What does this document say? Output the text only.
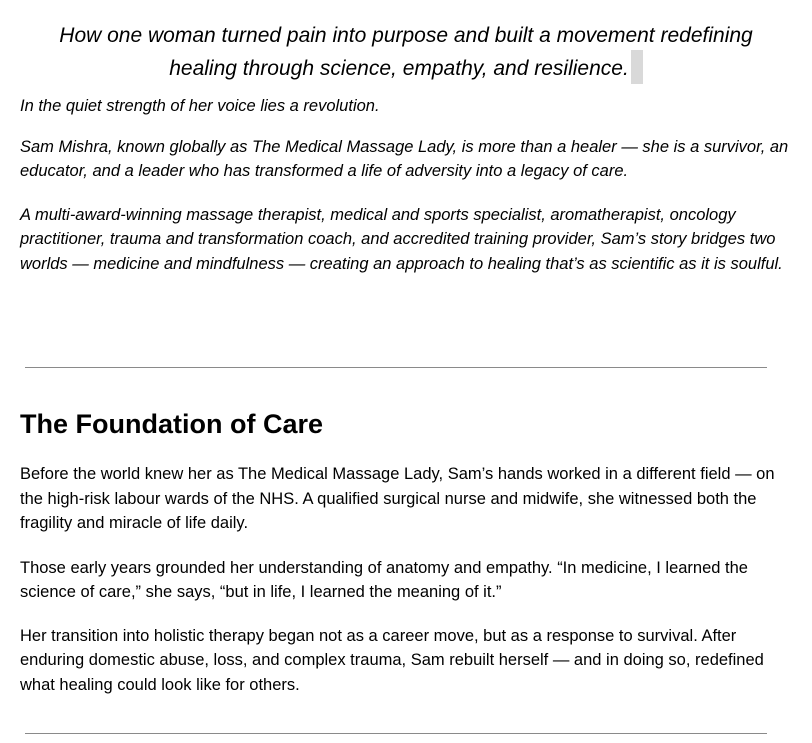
How one woman turned pain into purpose and built a movement redefining healing through science, empathy, and resilience.

In the quiet strength of her voice lies a revolution.

Sam Mishra, known globally as The Medical Massage Lady, is more than a healer — she is a survivor, an educator, and a leader who has transformed a life of adversity into a legacy of care.

A multi-award-winning massage therapist, medical and sports specialist, aromatherapist, oncology practitioner, trauma and transformation coach, and accredited training provider, Sam’s story bridges two worlds — medicine and mindfulness — creating an approach to healing that’s as scientific as it is soulful.

The Foundation of Care

Before the world knew her as The Medical Massage Lady, Sam’s hands worked in a different field — on the high-risk labour wards of the NHS. A qualified surgical nurse and midwife, she witnessed both the fragility and miracle of life daily.

Those early years grounded her understanding of anatomy and empathy. “In medicine, I learned the science of care,” she says, “but in life, I learned the meaning of it.”

Her transition into holistic therapy began not as a career move, but as a response to survival. After enduring domestic abuse, loss, and complex trauma, Sam rebuilt herself — and in doing so, redefined what healing could look like for others.
